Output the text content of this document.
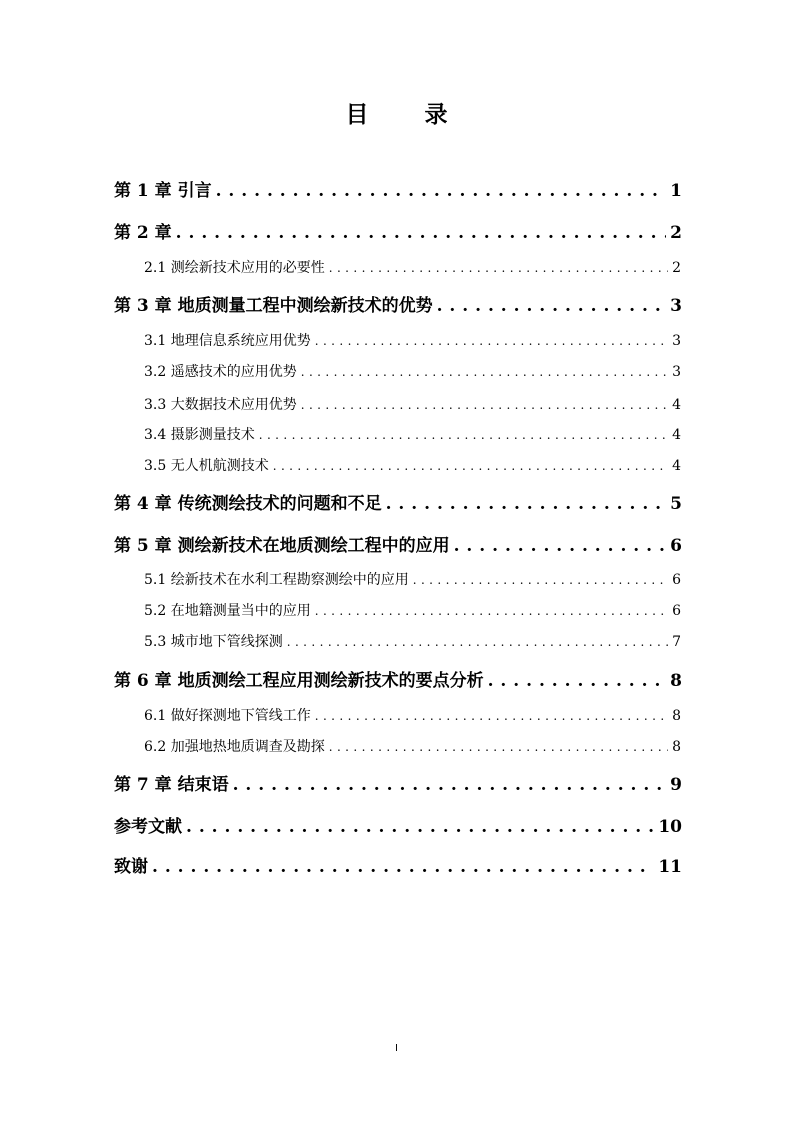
目 录
第 1 章 引言 . . .	1
第 2 章 . . .	2
2.1 测绘新技术应用的必要性 . . .	2
第 3 章 地质测量工程中测绘新技术的优势 . . .	3
3.1 地理信息系统应用优势 . . .	3
3.2 遥感技术的应用优势 . . .	3
3.3 大数据技术应用优势 . . .	4
3.4 摄影测量技术 . . .	4
3.5 无人机航测技术 . . .	4
第 4 章 传统测绘技术的问题和不足 . . .	5
第 5 章 测绘新技术在地质测绘工程中的应用 . . .	6
5.1 绘新技术在水利工程勘察测绘中的应用 . . .	6
5.2 在地籍测量当中的应用 . . .	6
5.3 城市地下管线探测 . . .	7
第 6 章 地质测绘工程应用测绘新技术的要点分析 . . .	8
6.1 做好探测地下管线工作 . . .	8
6.2 加强地热地质调查及勘探 . . .	8
第 7 章 结束语 . . .	9
参考文献 . . .	10
致谢 . . .	11
I
